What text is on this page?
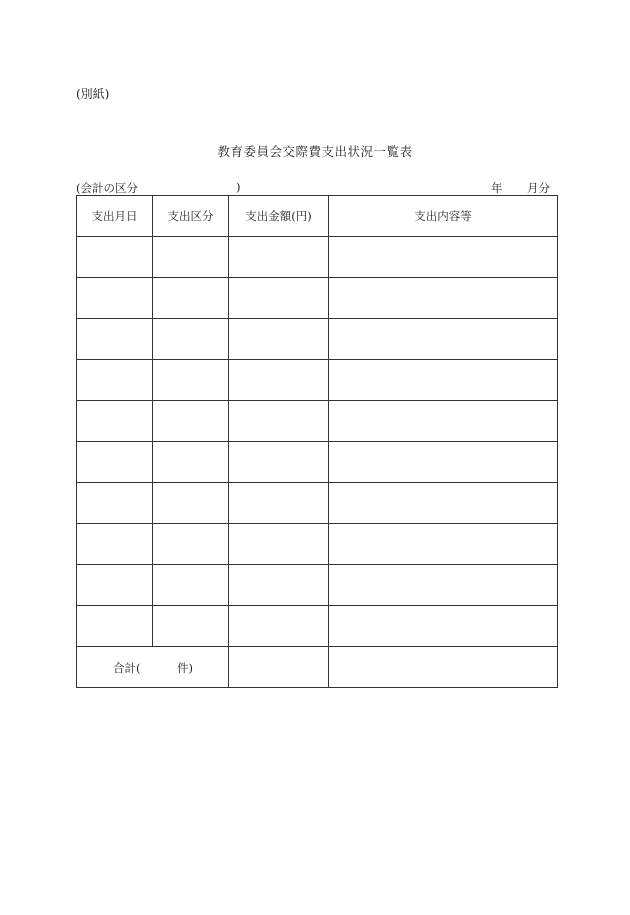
(別紙)
教育委員会交際費支出状況一覧表
(会計の区分	)	年 月分
支出月日	支出区分	支出金額(円)	支出内容等

合計( 件)			
